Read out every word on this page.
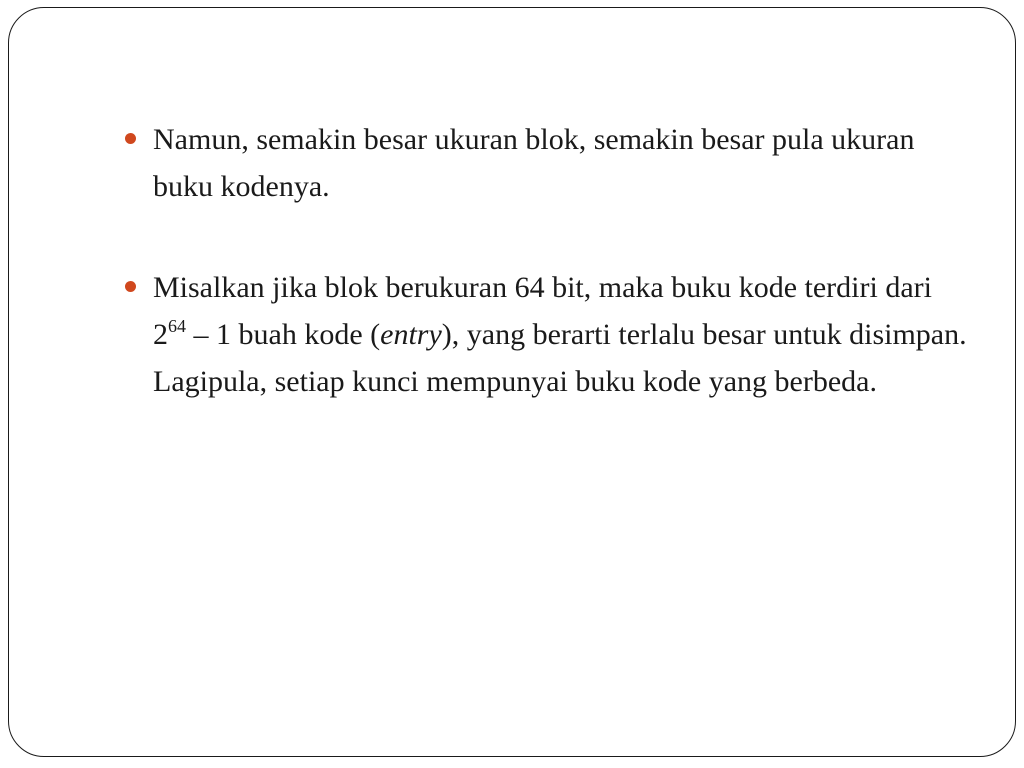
Namun, semakin besar ukuran blok, semakin besar pula ukuran buku kodenya.
Misalkan jika blok berukuran 64 bit, maka buku kode terdiri dari $2^{64} - 1$ buah kode (entry), yang berarti terlalu besar untuk disimpan. Lagipula, setiap kunci mempunyai buku kode yang berbeda.
